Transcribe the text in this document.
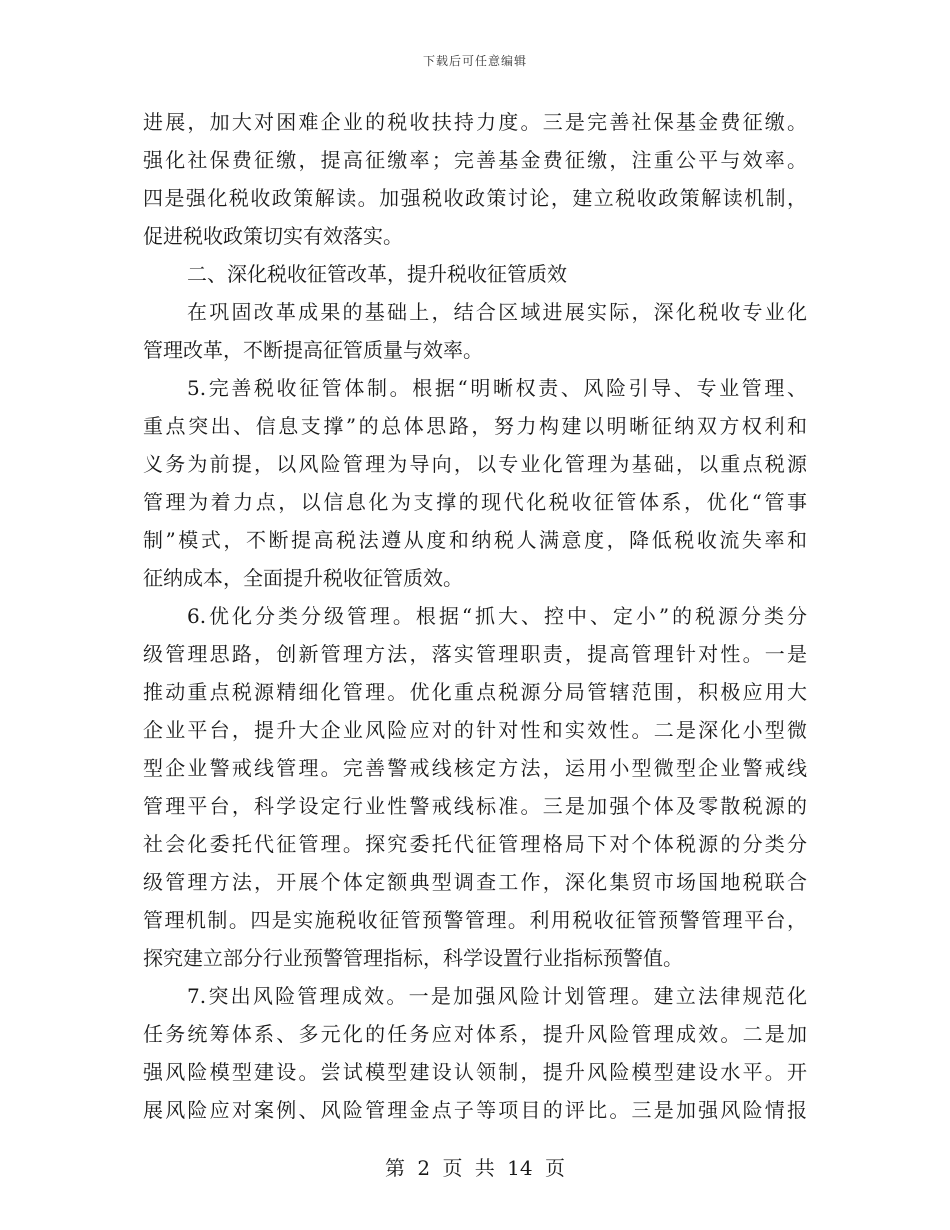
下载后可任意编辑
进展，加大对困难企业的税收扶持力度。三是完善社保基金费征缴。
强化社保费征缴，提高征缴率；完善基金费征缴，注重公平与效率。
四是强化税收政策解读。加强税收政策讨论，建立税收政策解读机制，
促进税收政策切实有效落实。
二、深化税收征管改革，提升税收征管质效
在巩固改革成果的基础上，结合区域进展实际，深化税收专业化
管理改革，不断提高征管质量与效率。
5.完善税收征管体制。根据“明晰权责、风险引导、专业管理、
重点突出、信息支撑”的总体思路，努力构建以明晰征纳双方权利和
义务为前提，以风险管理为导向，以专业化管理为基础，以重点税源
管理为着力点，以信息化为支撑的现代化税收征管体系，优化“管事
制”模式，不断提高税法遵从度和纳税人满意度，降低税收流失率和
征纳成本，全面提升税收征管质效。
6.优化分类分级管理。根据“抓大、控中、定小”的税源分类分
级管理思路，创新管理方法，落实管理职责，提高管理针对性。一是
推动重点税源精细化管理。优化重点税源分局管辖范围，积极应用大
企业平台，提升大企业风险应对的针对性和实效性。二是深化小型微
型企业警戒线管理。完善警戒线核定方法，运用小型微型企业警戒线
管理平台，科学设定行业性警戒线标准。三是加强个体及零散税源的
社会化委托代征管理。探究委托代征管理格局下对个体税源的分类分
级管理方法，开展个体定额典型调查工作，深化集贸市场国地税联合
管理机制。四是实施税收征管预警管理。利用税收征管预警管理平台，
探究建立部分行业预警管理指标，科学设置行业指标预警值。
7.突出风险管理成效。一是加强风险计划管理。建立法律规范化
任务统筹体系、多元化的任务应对体系，提升风险管理成效。二是加
强风险模型建设。尝试模型建设认领制，提升风险模型建设水平。开
展风险应对案例、风险管理金点子等项目的评比。三是加强风险情报
第 2 页 共 14 页
